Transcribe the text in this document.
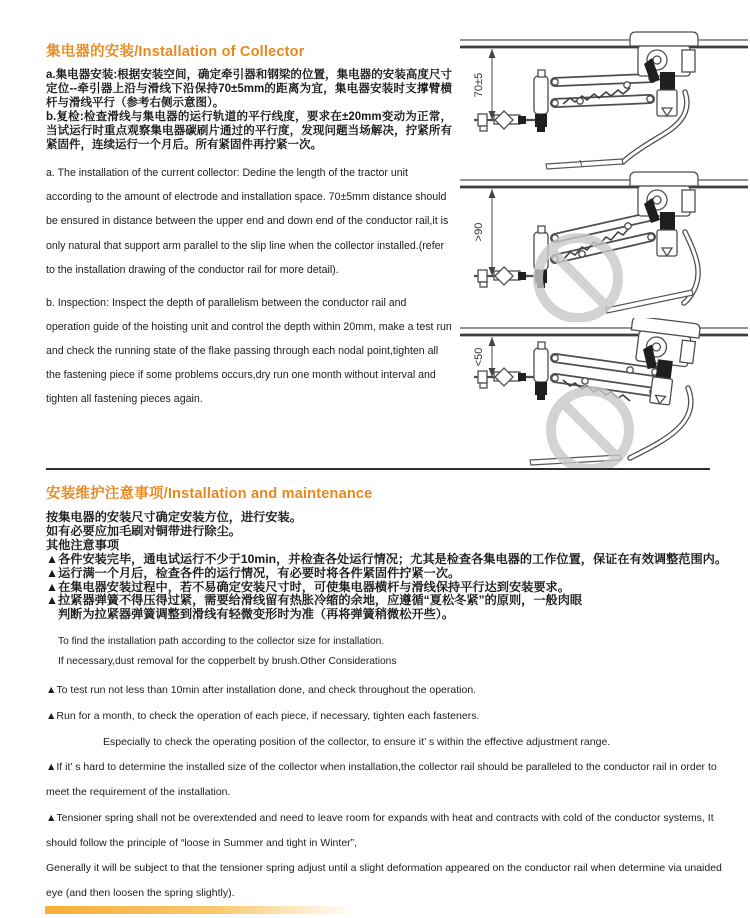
集电器的安装/Installation of Collector

a.集电器安装:根据安装空间，确定牵引器和钢梁的位置，集电器的安装高度尺寸定位--牵引器上沿与滑线下沿保持70±5mm的距离为宜，集电器安装时支撑臂横杆与滑线平行（参考右侧示意图）。

b.复检:检查滑线与集电器的运行轨道的平行线度，要求在±20mm变动为正常，当试运行时重点观察集电器碳刷片通过的平行度，发现问题当场解决，拧紧所有紧固件，连续运行一个月后。所有紧固件再拧紧一次。

a. The installation of the current collector: Dedine the length of the tractor unit according to the amount of electrode and installation space. 70±5mm distance should be ensured in distance between the upper end and down end of the conductor rail,it is only natural that support arm parallel to the slip line when the collector installed.(refer to the installation drawing of the conductor rail for more detail).

b. Inspection: Inspect the depth of parallelism between the conductor rail and operation guide of the hoisting unit and control the depth within 20mm, make a test run and check the running state of the flake passing through each nodal point,tighten all the fastening piece if some problems occurs,dry run one month without interval and tighten all fastening pieces again.

70±5
>90
<50
安装维护注意事项/Installation and maintenance
按集电器的安装尺寸确定安装方位，进行安装。
如有必要应加毛刷对铜带进行除尘。
其他注意事项
▲各件安装完毕，通电试运行不少于10min，并检查各处运行情况；尤其是检查各集电器的工作位置，保证在有效调整范围内。
▲运行满一个月后，检查各件的运行情况，有必要时将各件紧固件拧紧一次。
▲在集电器安装过程中，若不易确定安装尺寸时，可使集电器横杆与滑线保持平行达到安装要求。
▲拉紧器弹簧不得压得过紧，需要给滑线留有热胀冷缩的余地，应遵循“夏松冬紧”的原则，一般肉眼
判断为拉紧器弹簧调整到滑线有轻微变形时为准（再将弹簧稍微松开些）。
To find the installation path according to the collector size for installation.
If necessary,dust removal for the copperbelt by brush.Other Considerations

▲To test run not less than 10min after installation done, and check throughout the operation.

▲Run for a month, to check the operation of each piece, if necessary, tighten each fasteners.

Especially to check the operating position of the collector, to ensure it’ s within the effective adjustment range.

▲If it’ s hard to determine the installed size of the collector when installation,the collector rail should be paralleled to the conductor rail in order to meet the requirement of the installation.

▲Tensioner spring shall not be overextended and need to leave room for expands with heat and contracts with cold of the conductor systems, It should follow the principle of “loose in Summer and tight in Winter”,

Generally it will be subject to that the tensioner spring adjust until a slight deformation appeared on the conductor rail when determine via unaided eye (and then loosen the spring slightly).
